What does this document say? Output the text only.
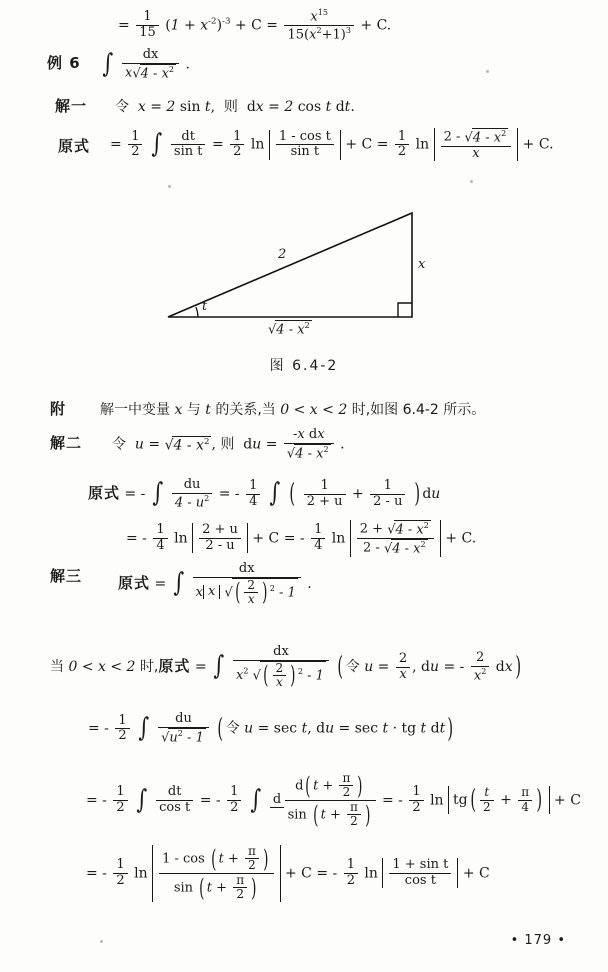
= $\frac{1}{15} (1 + x^{-2})^{-3} + C = \frac{x^{15}}{15(x^2+1)^3} + C$.
例 6 ∫ $\frac{dx}{x√4 - x^2}$ .
解一 令  x = 2 sin t, 则 dx = 2 cos t dt.
原式 = $\frac{1}{2}$ ∫ $\frac{dt}{\text{sin t}} = \frac{1}{2}$ $\ln \frac{\text{1 - cos t}}{\text{sin t}} + C = \frac{1}{2}$ $\ln \frac{2 - √4 - x^2}{x} + C$.
2
x
t
$√4 - x^2$
图 6.4-2
附 解一中变量 x 与 t 的关系,当 0 < x < 2 时,如图 6.4-2 所示。
解二 令  $u = √4 - x^2$ , 则 du = $\frac{\text{-x dx}}{√4 - x^2}$ .
原式 = - ∫ $\frac{du}{4 - u^2}$ = - $\frac{1}{4}$ ∫ ( $\frac{1}{2 + u} + \frac{1}{2 - u}$ ) du
= - $\frac{1}{4}$ $\ln \frac{2 + u}{2 - u} + C$ = - $\frac{1}{4}$ $\ln \frac{2 + √4 - x^2}{2 - √4 - x^2} + C$.
解三 原式 = ∫ $\frac{dx}{x x √( \frac{2}{x} ) ^2 - 1}$ .
当 0 < x < 2 时,原式 = ∫ $\frac{dx}{x^2 √( \frac{2}{x} ) ^2 - 1}$ ( 令 $u = \frac{2}{x}$ , du = - $\frac{2}{x^2} dx$)
= - $\frac{1}{2}$ ∫ $\frac{du}{√u^2 - 1}$ ( 令 u = sec t, du = sec t · tg t dt)
= - $\frac{1}{2}$ ∫ $\frac{dt}{\text{cos t}}$ = - $\frac{1}{2}$ ∫ d
$\frac{d( t + \frac{\pi}{2} )}{\sin ( t + \frac{\pi}{2} )}$ = - $\frac{1}{2}$ $\ln tg( \frac{t}{2} + \frac{\pi}{4}$ ) + C
= - $\frac{1}{2}$ $\ln \frac{1 - \cos ( t + \frac{\pi}{2} )}{\sin ( t + \frac{\pi}{2} )} + C$ = - $\frac{1}{2}$ $\ln \frac{\text{1 + sin t}}{\text{cos t}} + C$
• 179 •
